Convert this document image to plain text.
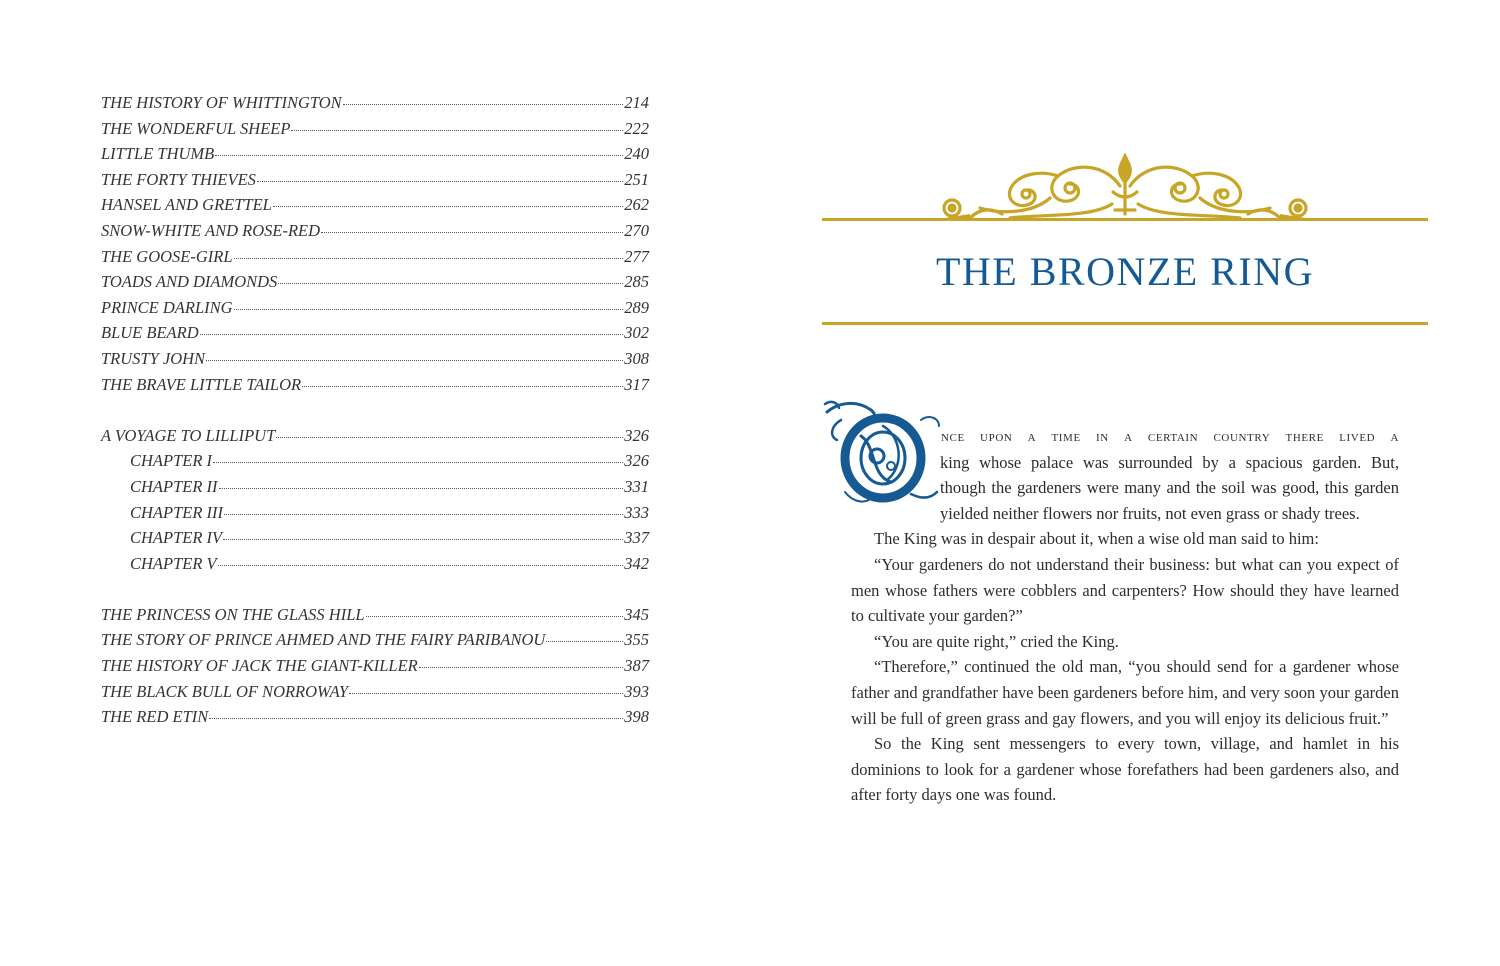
THE HISTORY OF WHITTINGTON	214
THE WONDERFUL SHEEP	222
LITTLE THUMB	240
THE FORTY THIEVES	251
HANSEL AND GRETTEL	262
SNOW-WHITE AND ROSE-RED	270
THE GOOSE-GIRL	277
TOADS AND DIAMONDS	285
PRINCE DARLING	289
BLUE BEARD	302
TRUSTY JOHN	308
THE BRAVE LITTLE TAILOR	317
A VOYAGE TO LILLIPUT	326
CHAPTER I	326
CHAPTER II	331
CHAPTER III	333
CHAPTER IV	337
CHAPTER V	342
THE PRINCESS ON THE GLASS HILL	345
THE STORY OF PRINCE AHMED AND THE FAIRY PARIBANOU	355
THE HISTORY OF JACK THE GIANT-KILLER	387
THE BLACK BULL OF NORROWAY	393
THE RED ETIN	398
THE BRONZE RING
nce upon a time in a certain country there lived a
king whose palace was surrounded by a spacious garden. But,
though the gardeners were many and the soil was good, this garden
yielded neither flowers nor fruits, not even grass or shady trees.

The King was in despair about it, when a wise old man said to him:

“Your gardeners do not understand their business: but what can you expect of men whose fathers were cobblers and carpenters? How should they have learned to cultivate your garden?”

“You are quite right,” cried the King.

“Therefore,” continued the old man, “you should send for a gardener whose father and grandfather have been gardeners before him, and very soon your garden will be full of green grass and gay flowers, and you will enjoy its delicious fruit.”

So the King sent messengers to every town, village, and hamlet in his dominions to look for a gardener whose forefathers had been gardeners also, and after forty days one was found.
